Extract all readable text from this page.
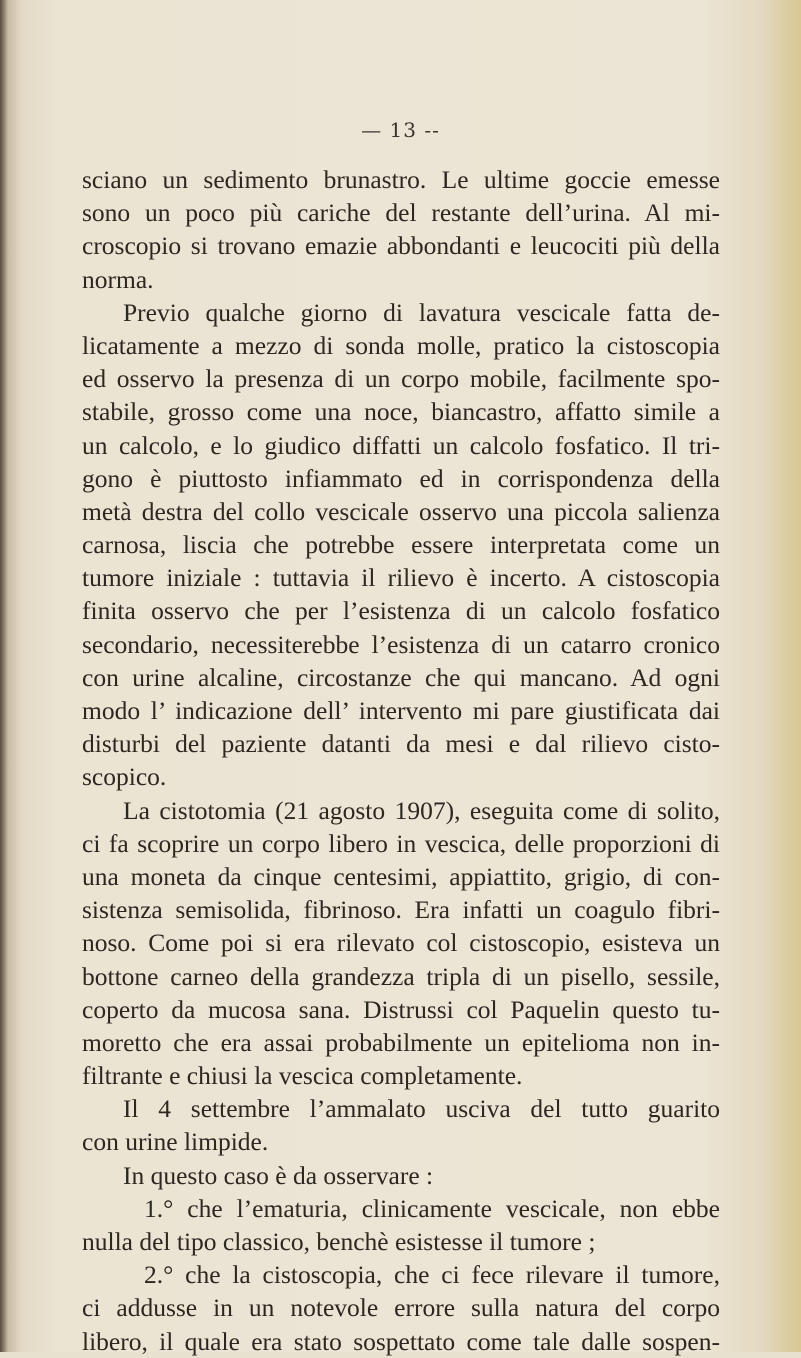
— 13 --
sciano un sedimento brunastro. Le ultime goccie emesse
sono un poco più cariche del restante dell’urina. Al mi-
croscopio si trovano emazie abbondanti e leucociti più della
norma.
Previo qualche giorno di lavatura vescicale fatta de-
licatamente a mezzo di sonda molle, pratico la cistoscopia
ed osservo la presenza di un corpo mobile, facilmente spo-
stabile, grosso come una noce, biancastro, affatto simile a
un calcolo, e lo giudico diffatti un calcolo fosfatico. Il tri-
gono è piuttosto infiammato ed in corrispondenza della
metà destra del collo vescicale osservo una piccola salienza
carnosa, liscia che potrebbe essere interpretata come un
tumore iniziale : tuttavia il rilievo è incerto. A cistoscopia
finita osservo che per l’esistenza di un calcolo fosfatico
secondario, necessiterebbe l’esistenza di un catarro cronico
con urine alcaline, circostanze che qui mancano. Ad ogni
modo l’ indicazione dell’ intervento mi pare giustificata dai
disturbi del paziente datanti da mesi e dal rilievo cisto-
scopico.
La cistotomia (21 agosto 1907), eseguita come di solito,
ci fa scoprire un corpo libero in vescica, delle proporzioni di
una moneta da cinque centesimi, appiattito, grigio, di con-
sistenza semisolida, fibrinoso. Era infatti un coagulo fibri-
noso. Come poi si era rilevato col cistoscopio, esisteva un
bottone carneo della grandezza tripla di un pisello, sessile,
coperto da mucosa sana. Distrussi col Paquelin questo tu-
moretto che era assai probabilmente un epitelioma non in-
filtrante e chiusi la vescica completamente.
Il 4 settembre l’ammalato usciva del tutto guarito
con urine limpide.
In questo caso è da osservare :
1.° che l’ematuria, clinicamente vescicale, non ebbe
nulla del tipo classico, benchè esistesse il tumore ;
2.° che la cistoscopia, che ci fece rilevare il tumore,
ci addusse in un notevole errore sulla natura del corpo
libero, il quale era stato sospettato come tale dalle sospen-
